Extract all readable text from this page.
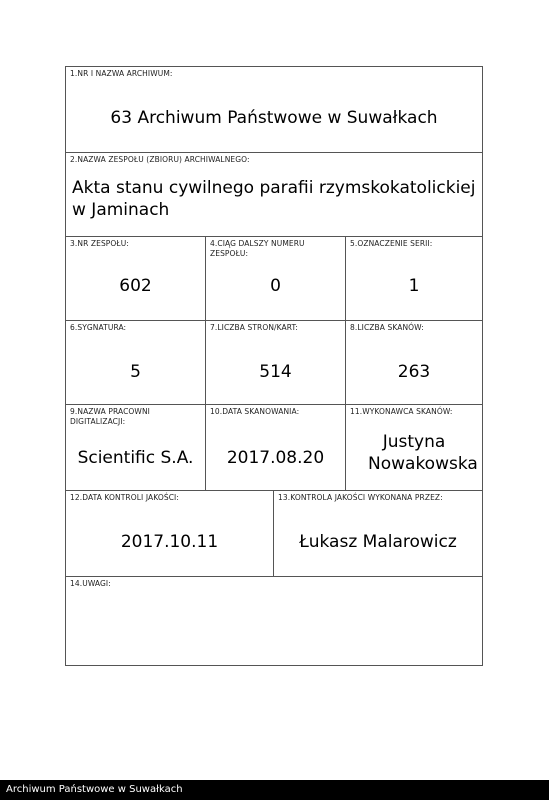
1.NR I NAZWA ARCHIWUM:
63 Archiwum Państwowe w Suwałkach
2.NAZWA ZESPOŁU (ZBIORU) ARCHIWALNEGO:
Akta stanu cywilnego parafii rzymskokatolickiej w Jaminach
3.NR ZESPOŁU:
602
4.CIĄG DALSZY NUMERU ZESPOŁU:
0
5.OZNACZENIE SERII:
1
6.SYGNATURA:
5
7.LICZBA STRON/KART:
514
8.LICZBA SKANÓW:
263
9.NAZWA PRACOWNI DIGITALIZACJI:
Scientific S.A.
10.DATA SKANOWANIA:
2017.08.20
11.WYKONAWCA SKANÓW:
Justyna Nowakowska
12.DATA KONTROLI JAKOŚCI:
2017.10.11
13.KONTROLA JAKOŚCI WYKONANA PRZEZ:
Łukasz Malarowicz
14.UWAGI:
Archiwum Państwowe w Suwałkach
